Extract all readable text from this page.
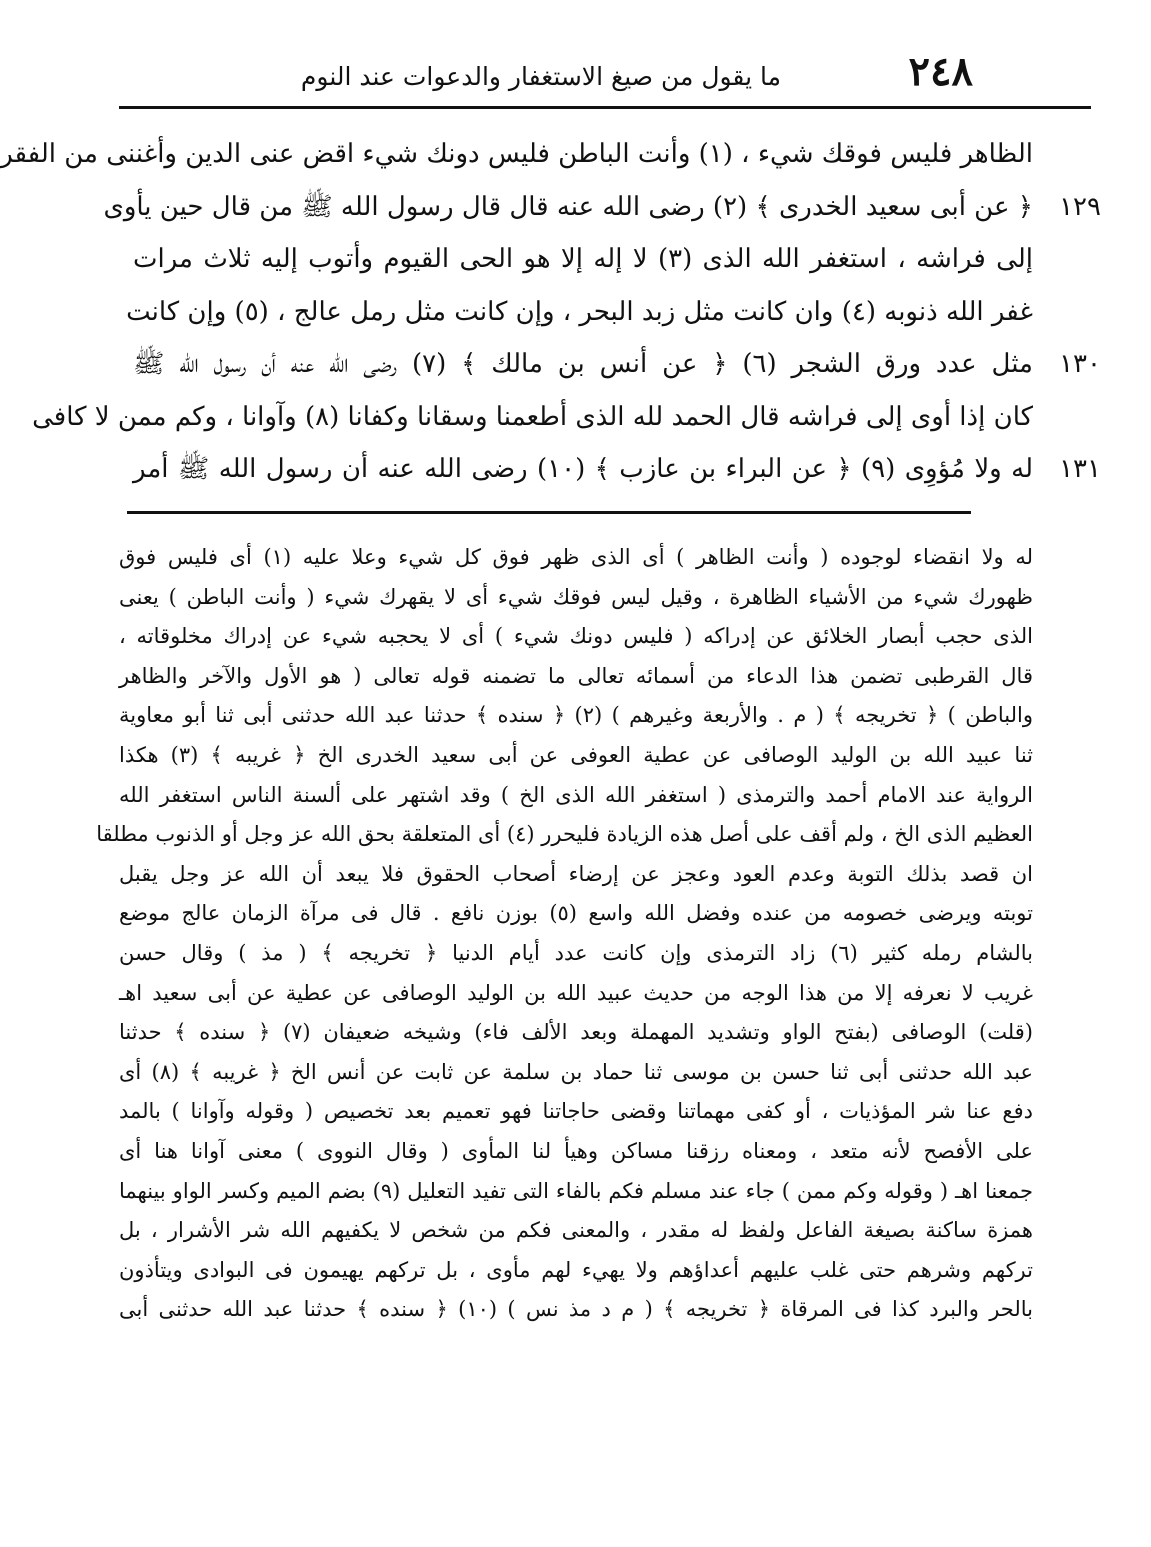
٢٤٨
ما يقول من صيغ الاستغفار والدعوات عند النوم
الظاهر فليس فوقك شيء ، (١) وأنت الباطن فليس دونك شيء اقض عنى الدين وأغننى من الفقر
١٢٩
﴿ عن أبى سعيد الخدرى ﴾ (٢) رضى الله عنه قال قال رسول الله ﷺ من قال حين يأوى
إلى فراشه ، استغفر الله الذى (٣) لا إله إلا هو الحى القيوم وأتوب إليه ثلاث مرات
غفر الله ذنوبه (٤) وان كانت مثل زبد البحر ، وإن كانت مثل رمل عالج ، (٥) وإن كانت
١٣٠
مثل عدد ورق الشجر (٦) ﴿ عن أنس بن مالك ﴾ (٧) رضى الله عنه أن رسول الله ﷺ
كان إذا أوى إلى فراشه قال الحمد لله الذى أطعمنا وسقانا وكفانا (٨) وآوانا ، وكم ممن لا كافى
١٣١
له ولا مُؤوِى (٩) ﴿ عن البراء بن عازب ﴾ (١٠) رضى الله عنه أن رسول الله ﷺ أمر
له ولا انقضاء لوجوده ( وأنت الظاهر ) أى الذى ظهر فوق كل شيء وعلا عليه (١) أى فليس فوق
ظهورك شيء من الأشياء الظاهرة ، وقيل ليس فوقك شيء أى لا يقهرك شيء ( وأنت الباطن ) يعنى
الذى حجب أبصار الخلائق عن إدراكه ( فليس دونك شيء ) أى لا يحجبه شيء عن إدراك مخلوقاته ،
قال القرطبى تضمن هذا الدعاء من أسمائه تعالى ما تضمنه قوله تعالى ( هو الأول والآخر والظاهر
والباطن ) ﴿ تخريجه ﴾ ( م . والأربعة وغيرهم ) (٢) ﴿ سنده ﴾ حدثنا عبد الله حدثنى أبى ثنا أبو معاوية
ثنا عبيد الله بن الوليد الوصافى عن عطية العوفى عن أبى سعيد الخدرى الخ ﴿ غريبه ﴾ (٣) هكذا
الرواية عند الامام أحمد والترمذى ( استغفر الله الذى الخ ) وقد اشتهر على ألسنة الناس استغفر الله
العظيم الذى الخ ، ولم أقف على أصل هذه الزيادة فليحرر (٤) أى المتعلقة بحق الله عز وجل أو الذنوب مطلقا
ان قصد بذلك التوبة وعدم العود وعجز عن إرضاء أصحاب الحقوق فلا يبعد أن الله عز وجل يقبل
توبته ويرضى خصومه من عنده وفضل الله واسع (٥) بوزن نافع . قال فى مرآة الزمان عالج موضع
بالشام رمله كثير (٦) زاد الترمذى وإن كانت عدد أيام الدنيا ﴿ تخريجه ﴾ ( مذ ) وقال حسن
غريب لا نعرفه إلا من هذا الوجه من حديث عبيد الله بن الوليد الوصافى عن عطية عن أبى سعيد اهـ
(قلت) الوصافى (بفتح الواو وتشديد المهملة وبعد الألف فاء) وشيخه ضعيفان (٧) ﴿ سنده ﴾ حدثنا
عبد الله حدثنى أبى ثنا حسن بن موسى ثنا حماد بن سلمة عن ثابت عن أنس الخ ﴿ غريبه ﴾ (٨) أى
دفع عنا شر المؤذيات ، أو كفى مهماتنا وقضى حاجاتنا فهو تعميم بعد تخصيص ( وقوله وآوانا ) بالمد
على الأفصح لأنه متعد ، ومعناه رزقنا مساكن وهيأ لنا المأوى ( وقال النووى ) معنى آوانا هنا أى
جمعنا اهـ ( وقوله وكم ممن ) جاء عند مسلم فكم بالفاء التى تفيد التعليل (٩) بضم الميم وكسر الواو بينهما
همزة ساكنة بصيغة الفاعل ولفظ له مقدر ، والمعنى فكم من شخص لا يكفيهم الله شر الأشرار ، بل
تركهم وشرهم حتى غلب عليهم أعداؤهم ولا يهيء لهم مأوى ، بل تركهم يهيمون فى البوادى ويتأذون
بالحر والبرد كذا فى المرقاة ﴿ تخريجه ﴾ ( م د مذ نس ) (١٠) ﴿ سنده ﴾ حدثنا عبد الله حدثنى أبى
